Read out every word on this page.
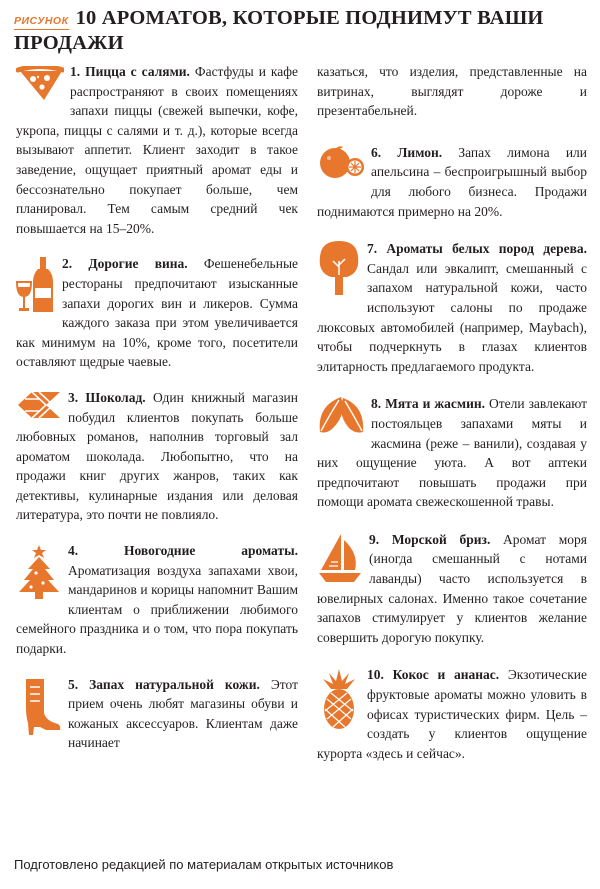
РИСУНОК 10 АРОМАТОВ, КОТОРЫЕ ПОДНИМУТ ВАШИ
ПРОДАЖИ

1. Пицца с салями. Фастфуды и кафе распространяют в своих помещениях запахи пиццы (свежей выпечки, кофе, укропа, пиццы с салями и т. д.), которые всегда вызывают аппетит. Клиент заходит в такое заведение, ощущает приятный аромат еды и бессознательно покупает больше, чем планировал. Тем самым средний чек повышается на 15–20%.

2. Дорогие вина. Фешенебельные рестораны предпочитают изысканные запахи дорогих вин и ликеров. Сумма каждого заказа при этом увеличивается как минимум на 10%, кроме того, посетители оставляют щедрые чаевые.

3. Шоколад. Один книжный магазин побудил клиентов покупать больше любовных романов, наполнив торговый зал ароматом шоколада. Любопытно, что на продажи книг других жанров, таких как детективы, кулинарные издания или деловая литература, это почти не повлияло.

4. Новогодние ароматы. Ароматизация воздуха запахами хвои, мандаринов и корицы напомнит Вашим клиентам о приближении любимого семейного праздника и о том, что пора покупать подарки.

5. Запах натуральной кожи. Этот прием очень любят магазины обуви и кожаных аксессуаров. Клиентам даже начинает

казаться, что изделия, представленные на витринах, выглядят дороже и презентабельней.

6. Лимон. Запах лимона или апельсина – беспроигрышный выбор для любого бизнеса. Продажи поднимаются примерно на 20%.

7. Ароматы белых пород дерева. Сандал или эвкалипт, смешанный с запахом натуральной кожи, часто используют салоны по продаже люксовых автомобилей (например, Maybach), чтобы подчеркнуть в глазах клиентов элитарность предлагаемого продукта.

8. Мята и жасмин. Отели завлекают постояльцев запахами мяты и жасмина (реже – ванили), создавая у них ощущение уюта. А вот аптеки предпочитают повышать продажи при помощи аромата свежескошенной травы.

9. Морской бриз. Аромат моря (иногда смешанный с нотами лаванды) часто используется в ювелирных салонах. Именно такое сочетание запахов стимулирует у клиентов желание совершить дорогую покупку.

10. Кокос и ананас. Экзотические фруктовые ароматы можно уловить в офисах туристических фирм. Цель – создать у клиентов ощущение курорта «здесь и сейчас».

Подготовлено редакцией по материалам открытых источников
